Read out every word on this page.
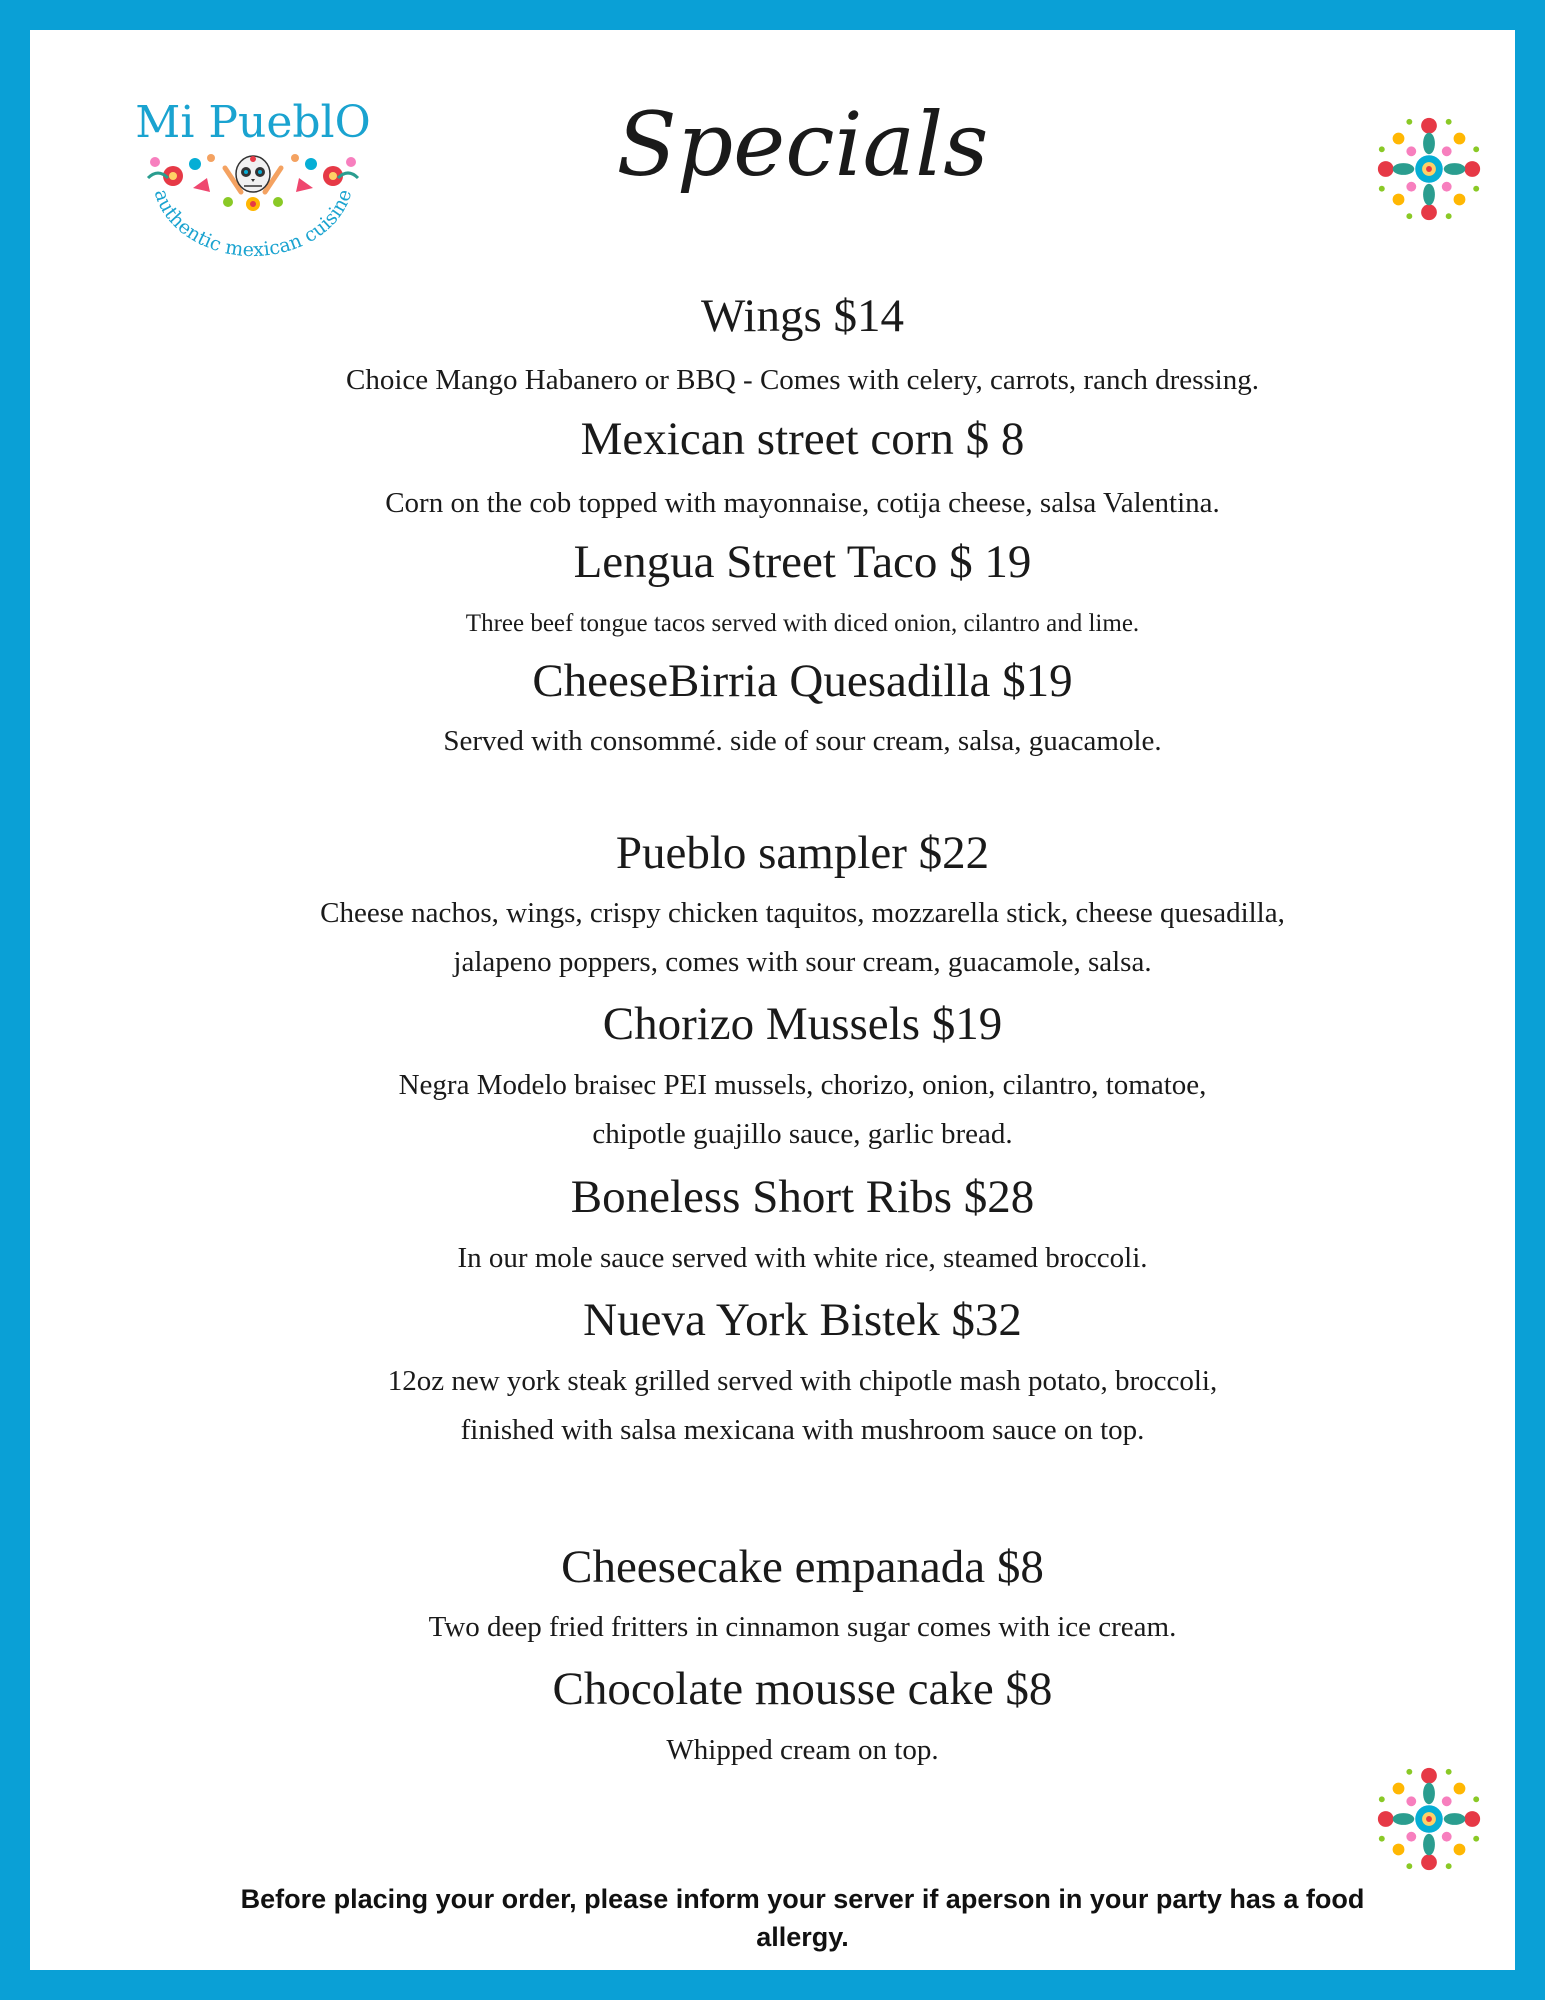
Mi PueblO
authentic mexican cuisine	Specials
Wings $14
Choice Mango Habanero or BBQ - Comes with celery, carrots, ranch dressing.
Mexican street corn $ 8
Corn on the cob topped with mayonnaise, cotija cheese, salsa Valentina.
Lengua Street Taco $ 19
Three beef tongue tacos served with diced onion, cilantro and lime.
CheeseBirria Quesadilla $19
Served with consommé. side of sour cream, salsa, guacamole.
Pueblo sampler $22
Cheese nachos, wings, crispy chicken taquitos, mozzarella stick, cheese quesadilla,
jalapeno poppers, comes with sour cream, guacamole, salsa.
Chorizo Mussels $19
Negra Modelo braisec PEI mussels, chorizo, onion, cilantro, tomatoe,
chipotle guajillo sauce, garlic bread.
Boneless Short Ribs $28
In our mole sauce served with white rice, steamed broccoli.
Nueva York Bistek $32
12oz new york steak grilled served with chipotle mash potato, broccoli,
finished with salsa mexicana with mushroom sauce on top.
Cheesecake empanada $8
Two deep fried fritters in cinnamon sugar comes with ice cream.
Chocolate mousse cake $8
Whipped cream on top.
Before placing your order, please inform your server if aperson in your party has a food allergy.
